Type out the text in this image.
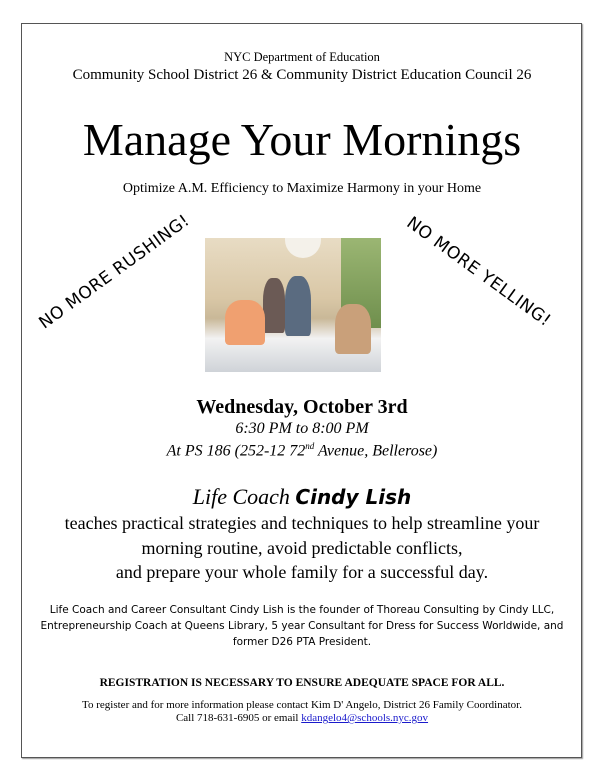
NYC Department of Education
Community School District 26 & Community District Education Council 26
Manage Your Mornings
Optimize A.M. Efficiency to Maximize Harmony in your Home
NO MORE RUSHING!	NO MORE YELLING!
Wednesday, October 3rd
6:30 PM to 8:00 PM
At PS 186 (252-12 72nd Avenue, Bellerose)
Life Coach Cindy Lish
teaches practical strategies and techniques to help streamline your
morning routine, avoid predictable conflicts,
and prepare your whole family for a successful day.
Life Coach and Career Consultant Cindy Lish is the founder of Thoreau Consulting by Cindy LLC,
Entrepreneurship Coach at Queens Library, 5 year Consultant for Dress for Success Worldwide, and
former D26 PTA President.
REGISTRATION IS NECESSARY TO ENSURE ADEQUATE SPACE FOR ALL.
To register and for more information please contact Kim D' Angelo, District 26 Family Coordinator.
Call 718-631-6905 or email kdangelo4@schools.nyc.gov
